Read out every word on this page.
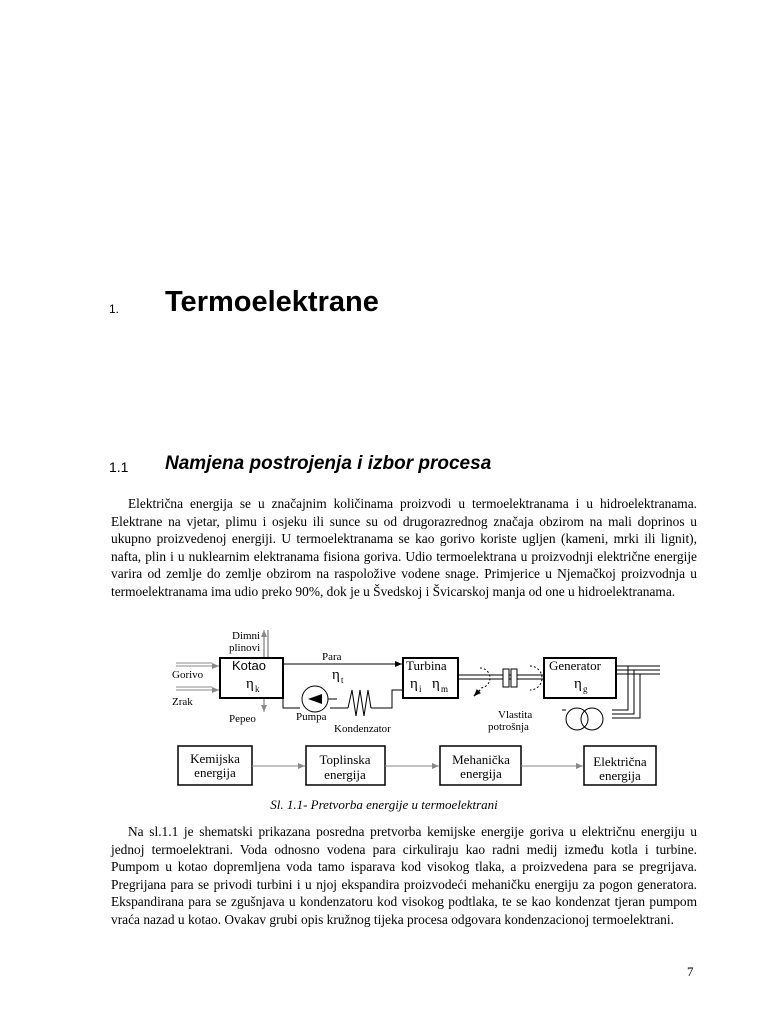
1. Termoelektrane
1.1 Namjena postrojenja i izbor procesa

Električna energija se u značajnim količinama proizvodi u termoelektranama i u hidroelektranama. Elektrane na vjetar, plimu i osjeku ili sunce su od drugorazrednog značaja obzirom na mali doprinos u ukupno proizvedenoj energiji. U termoelektranama se kao gorivo koriste ugljen (kameni, mrki ili lignit), nafta, plin i u nuklearnim elektranama fisiona goriva. Udio termoelektrana u proizvodnji električne energije varira od zemlje do zemlje obzirom na raspoložive vodene snage. Primjerice u Njemačkoj proizvodnja u termoelektranama ima udio preko 90%, dok je u Švedskoj i Švicarskoj manja od one u hidroelektranama.

Dimni
plinovi
Kotao
η k
Gorivo
Zrak
Pepeo
Para
η t
Kondenzator
Pumpa
Turbina
η i η m
Generator
η g
Vlastita
potrošnja
Kemijska
energija
Toplinska
energija
Mehanička
energija
Električna
energija
Sl. 1.1- Pretvorba energije u termoelektrani

Na sl.1.1 je shematski prikazana posredna pretvorba kemijske energije goriva u električnu energiju u jednoj termoelektrani. Voda odnosno vodena para cirkuliraju kao radni medij između kotla i turbine. Pumpom u kotao dopremljena voda tamo isparava kod visokog tlaka, a proizvedena para se pregrijava. Pregrijana para se privodi turbini i u njoj ekspandira proizvodeći mehaničku energiju za pogon generatora. Ekspandirana para se zgušnjava u kondenzatoru kod visokog podtlaka, te se kao kondenzat tjeran pumpom vraća nazad u kotao. Ovakav grubi opis kružnog tijeka procesa odgovara kondenzacionoj termoelektrani.

7
